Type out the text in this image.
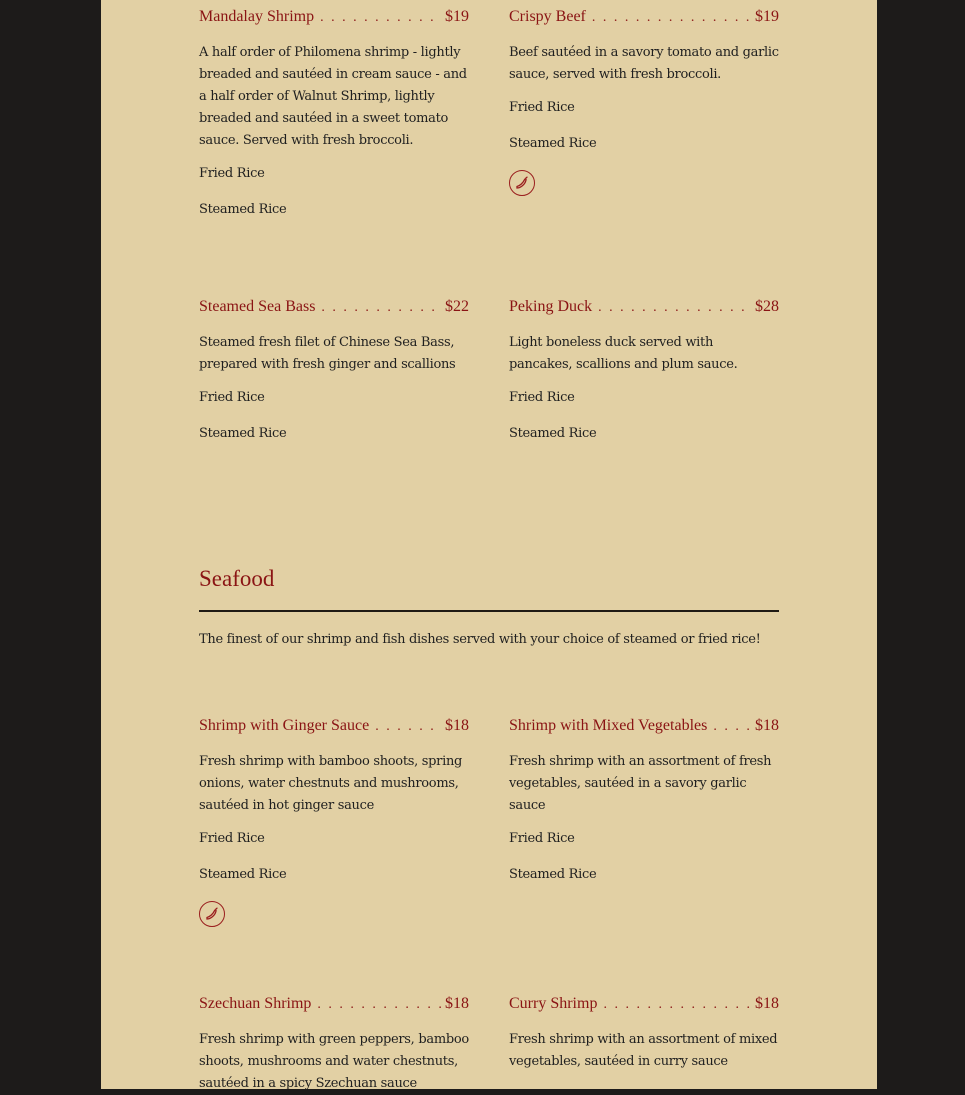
Mandalay Shrimp . . .	$19
A half order of Philomena shrimp - lightly breaded and sautéed in cream sauce - and a half order of Walnut Shrimp, lightly breaded and sautéed in a sweet tomato sauce. Served with fresh broccoli.
Fried Rice
Steamed Rice
Crispy Beef . . .	$19
Beef sautéed in a savory tomato and garlic sauce, served with fresh broccoli.
Fried Rice
Steamed Rice
Steamed Sea Bass . . .	$22
Steamed fresh filet of Chinese Sea Bass, prepared with fresh ginger and scallions
Fried Rice
Steamed Rice
Peking Duck . . .	$28
Light boneless duck served with pancakes, scallions and plum sauce.
Fried Rice
Steamed Rice
Seafood
The finest of our shrimp and fish dishes served with your choice of steamed or fried rice!
Shrimp with Ginger Sauce . . .	$18
Fresh shrimp with bamboo shoots, spring onions, water chestnuts and mushrooms, sautéed in hot ginger sauce
Fried Rice
Steamed Rice
Shrimp with Mixed Vegetables . . .	$18
Fresh shrimp with an assortment of fresh vegetables, sautéed in a savory garlic sauce
Fried Rice
Steamed Rice
Szechuan Shrimp . . .	$18
Fresh shrimp with green peppers, bamboo shoots, mushrooms and water chestnuts, sautéed in a spicy Szechuan sauce
Curry Shrimp . . .	$18
Fresh shrimp with an assortment of mixed vegetables, sautéed in curry sauce
